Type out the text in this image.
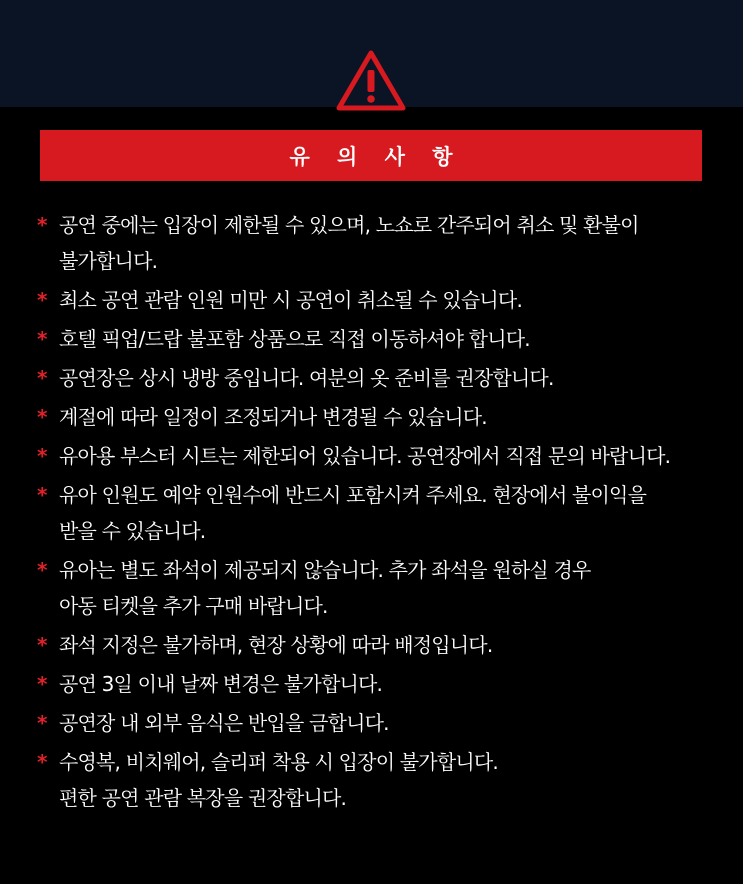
유 의 사 항
* 공연 중에는 입장이 제한될 수 있으며, 노쇼로 간주되어 취소 및 환불이
불가합니다.
* 최소 공연 관람 인원 미만 시 공연이 취소될 수 있습니다.
* 호텔 픽업/드랍 불포함 상품으로 직접 이동하셔야 합니다.
* 공연장은 상시 냉방 중입니다. 여분의 옷 준비를 권장합니다.
* 계절에 따라 일정이 조정되거나 변경될 수 있습니다.
* 유아용 부스터 시트는 제한되어 있습니다. 공연장에서 직접 문의 바랍니다.
* 유아 인원도 예약 인원수에 반드시 포함시켜 주세요. 현장에서 불이익을
받을 수 있습니다.
* 유아는 별도 좌석이 제공되지 않습니다. 추가 좌석을 원하실 경우
아동 티켓을 추가 구매 바랍니다.
* 좌석 지정은 불가하며, 현장 상황에 따라 배정입니다.
* 공연 3일 이내 날짜 변경은 불가합니다.
* 공연장 내 외부 음식은 반입을 금합니다.
* 수영복, 비치웨어, 슬리퍼 착용 시 입장이 불가합니다.
편한 공연 관람 복장을 권장합니다.
